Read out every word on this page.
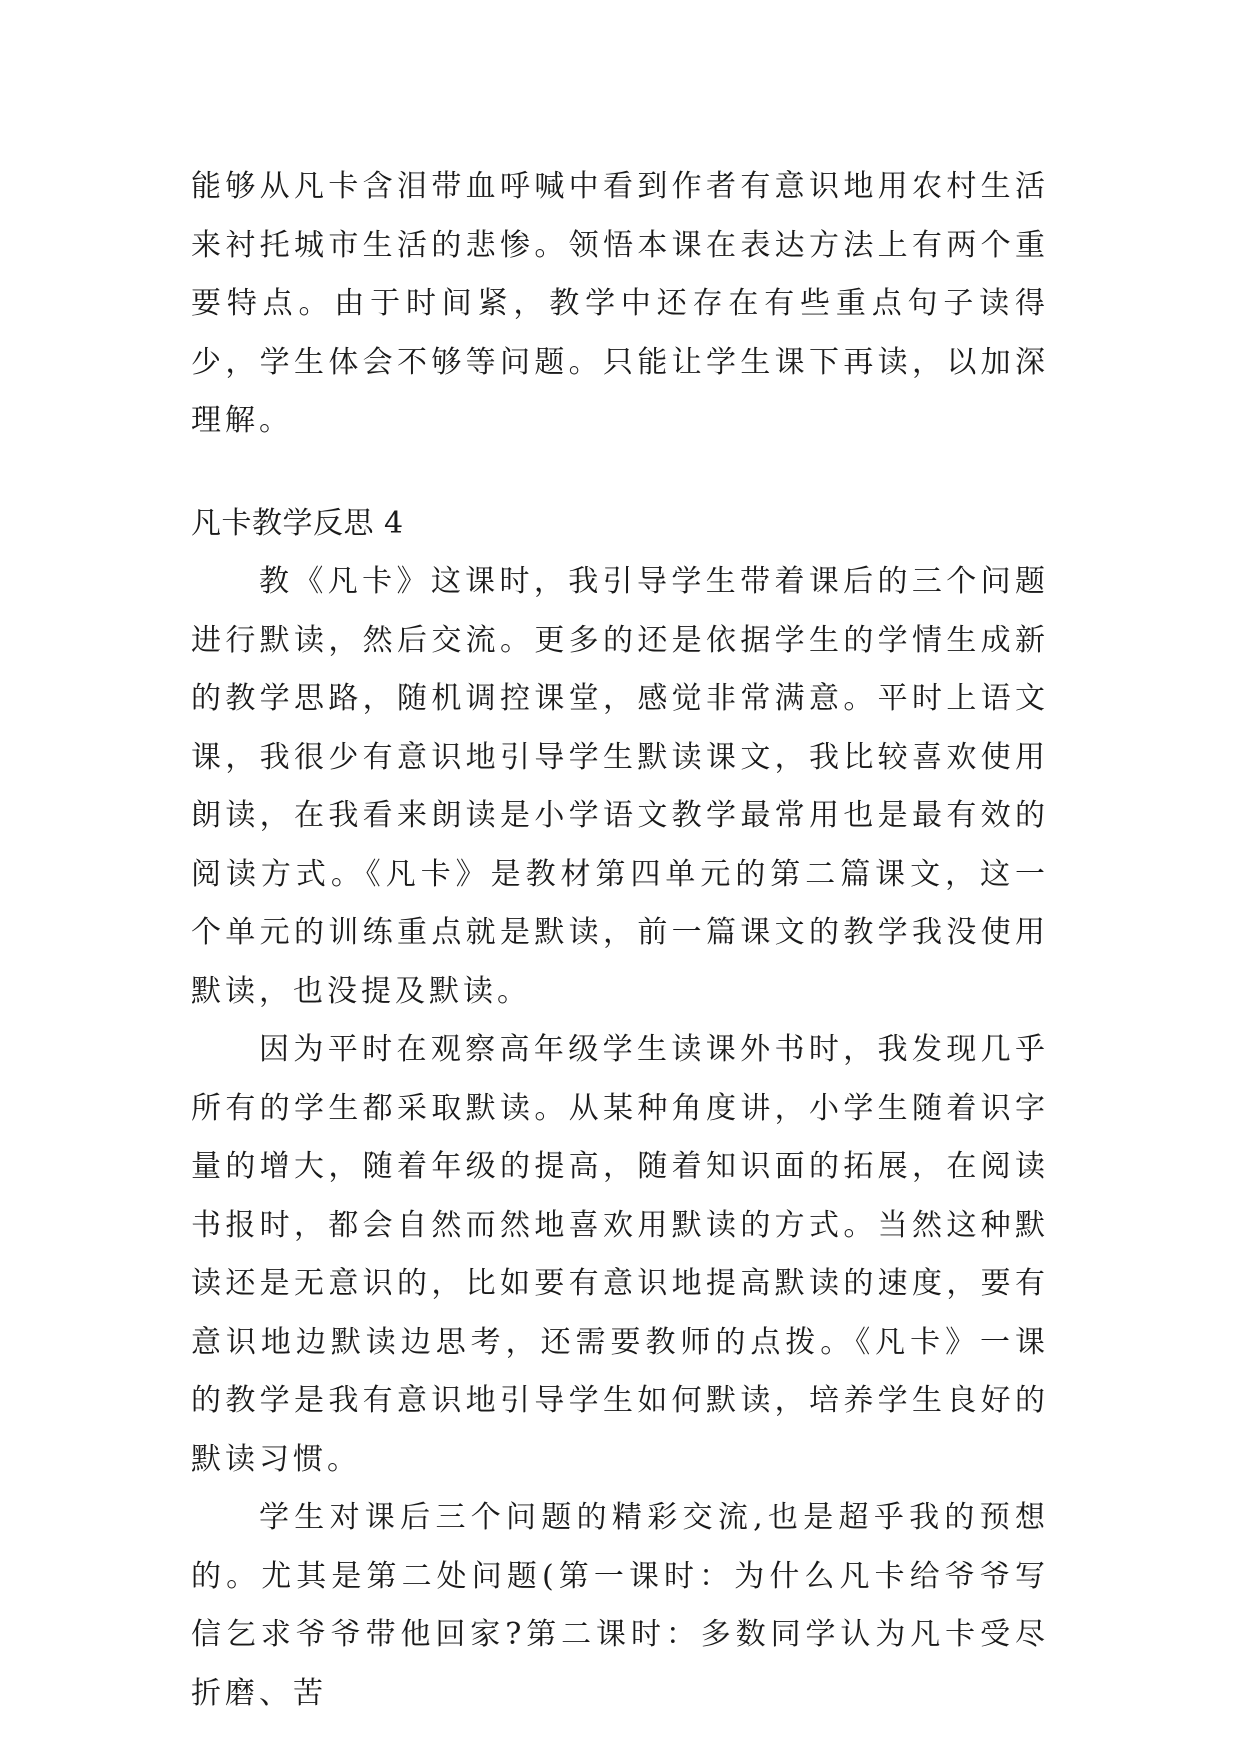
能够从凡卡含泪带血呼喊中看到作者有意识地用农村生活来衬托城市生活的悲惨。领悟本课在表达方法上有两个重要特点。由于时间紧，教学中还存在有些重点句子读得少，学生体会不够等问题。只能让学生课下再读，以加深理解。

凡卡教学反思 4

教《凡卡》这课时，我引导学生带着课后的三个问题进行默读，然后交流。更多的还是依据学生的学情生成新的教学思路，随机调控课堂，感觉非常满意。平时上语文课，我很少有意识地引导学生默读课文，我比较喜欢使用朗读，在我看来朗读是小学语文教学最常用也是最有效的阅读方式。《凡卡》是教材第四单元的第二篇课文，这一个单元的训练重点就是默读，前一篇课文的教学我没使用默读，也没提及默读。

因为平时在观察高年级学生读课外书时，我发现几乎所有的学生都采取默读。从某种角度讲，小学生随着识字量的增大，随着年级的提高，随着知识面的拓展，在阅读书报时，都会自然而然地喜欢用默读的方式。当然这种默读还是无意识的，比如要有意识地提高默读的速度，要有意识地边默读边思考，还需要教师的点拨。《凡卡》一课的教学是我有意识地引导学生如何默读，培养学生良好的默读习惯。

学生对课后三个问题的精彩交流,也是超乎我的预想的。尤其是第二处问题(第一课时：为什么凡卡给爷爷写信乞求爷爷带他回家?第二课时：多数同学认为凡卡受尽折磨、苦
